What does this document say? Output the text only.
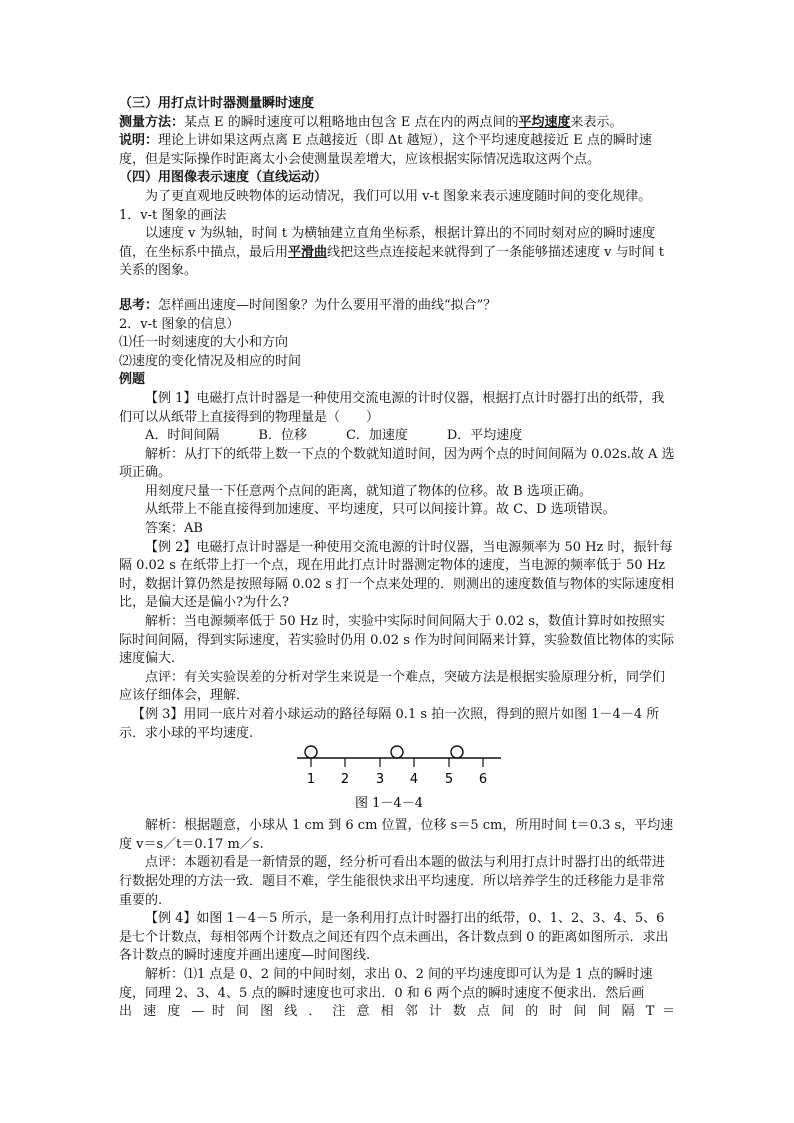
（三）用打点计时器测量瞬时速度

测量方法：某点 E 的瞬时速度可以粗略地由包含 E 点在内的两点间的平均速度来表示。

说明：理论上讲如果这两点离 E 点越接近（即 Δt 越短），这个平均速度越接近 E 点的瞬时速度，但是实际操作时距离太小会使测量误差增大，应该根据实际情况选取这两个点。

（四）用图像表示速度（直线运动）

为了更直观地反映物体的运动情况，我们可以用 v-t 图象来表示速度随时间的变化规律。

1．v-t 图象的画法

以速度 v 为纵轴，时间 t 为横轴建立直角坐标系，根据计算出的不同时刻对应的瞬时速度值，在坐标系中描点，最后用平滑曲线把这些点连接起来就得到了一条能够描述速度 v 与时间 t 关系的图象。

思考：怎样画出速度—时间图象？为什么要用平滑的曲线“拟合”？

2．v-t 图象的信息）

⑴任一时刻速度的大小和方向

⑵速度的变化情况及相应的时间

例题

【例 1】电磁打点计时器是一种使用交流电源的计时仪器，根据打点计时器打出的纸带，我们可以从纸带上直接得到的物理量是（　　）

A．时间间隔　　　B．位移　　　C．加速度　　　D．平均速度

解析：从打下的纸带上数一下点的个数就知道时间，因为两个点的时间间隔为 0.02s.故 A 选项正确。

用刻度尺量一下任意两个点间的距离，就知道了物体的位移。故 B 选项正确。

从纸带上不能直接得到加速度、平均速度，只可以间接计算。故 C、D 选项错误。

答案：AB

【例 2】电磁打点计时器是一种使用交流电源的计时仪器，当电源频率为 50 Hz 时，振针每隔 0.02 s 在纸带上打一个点，现在用此打点计时器测定物体的速度，当电源的频率低于 50 Hz 时，数据计算仍然是按照每隔 0.02 s 打一个点来处理的．则测出的速度数值与物体的实际速度相比，是偏大还是偏小?为什么?

解析：当电源频率低于 50 Hz 时，实验中实际时间间隔大于 0.02 s，数值计算时如按照实际时间间隔，得到实际速度，若实验时仍用 0.02 s 作为时间间隔来计算，实验数值比物体的实际速度偏大．

点评：有关实验误差的分析对学生来说是一个难点，突破方法是根据实验原理分析，同学们应该仔细体会，理解．

【例 3】用同一底片对着小球运动的路径每隔 0.1 s 拍一次照，得到的照片如图 1－4－4 所示．求小球的平均速度.

1 2 3 4 5 6
图 1－4－4

解析：根据题意，小球从 1 cm 到 6 cm 位置，位移 s＝5 cm，所用时间 t＝0.3 s，平均速度 v＝s／t＝0.17 m／s.

点评：本题初看是一新情景的题，经分析可看出本题的做法与利用打点计时器打出的纸带进行数据处理的方法一致．题目不难，学生能很快求出平均速度．所以培养学生的迁移能力是非常重要的.

【例 4】如图 1－4－5 所示，是一条利用打点计时器打出的纸带，0、1、2、3、4、5、6 是七个计数点，每相邻两个计数点之间还有四个点未画出，各计数点到 0 的距离如图所示．求出各计数点的瞬时速度并画出速度—时间图线.

解析：⑴1 点是 0、2 间的中间时刻，求出 0、2 间的平均速度即可认为是 1 点的瞬时速度，同理 2、3、4、5 点的瞬时速度也可求出．0 和 6 两个点的瞬时速度不便求出．然后画

出 速 度 — 时 间 图 线 ． 注 意 相 邻 计 数 点 间 的 时 间 间 隔 T ＝
